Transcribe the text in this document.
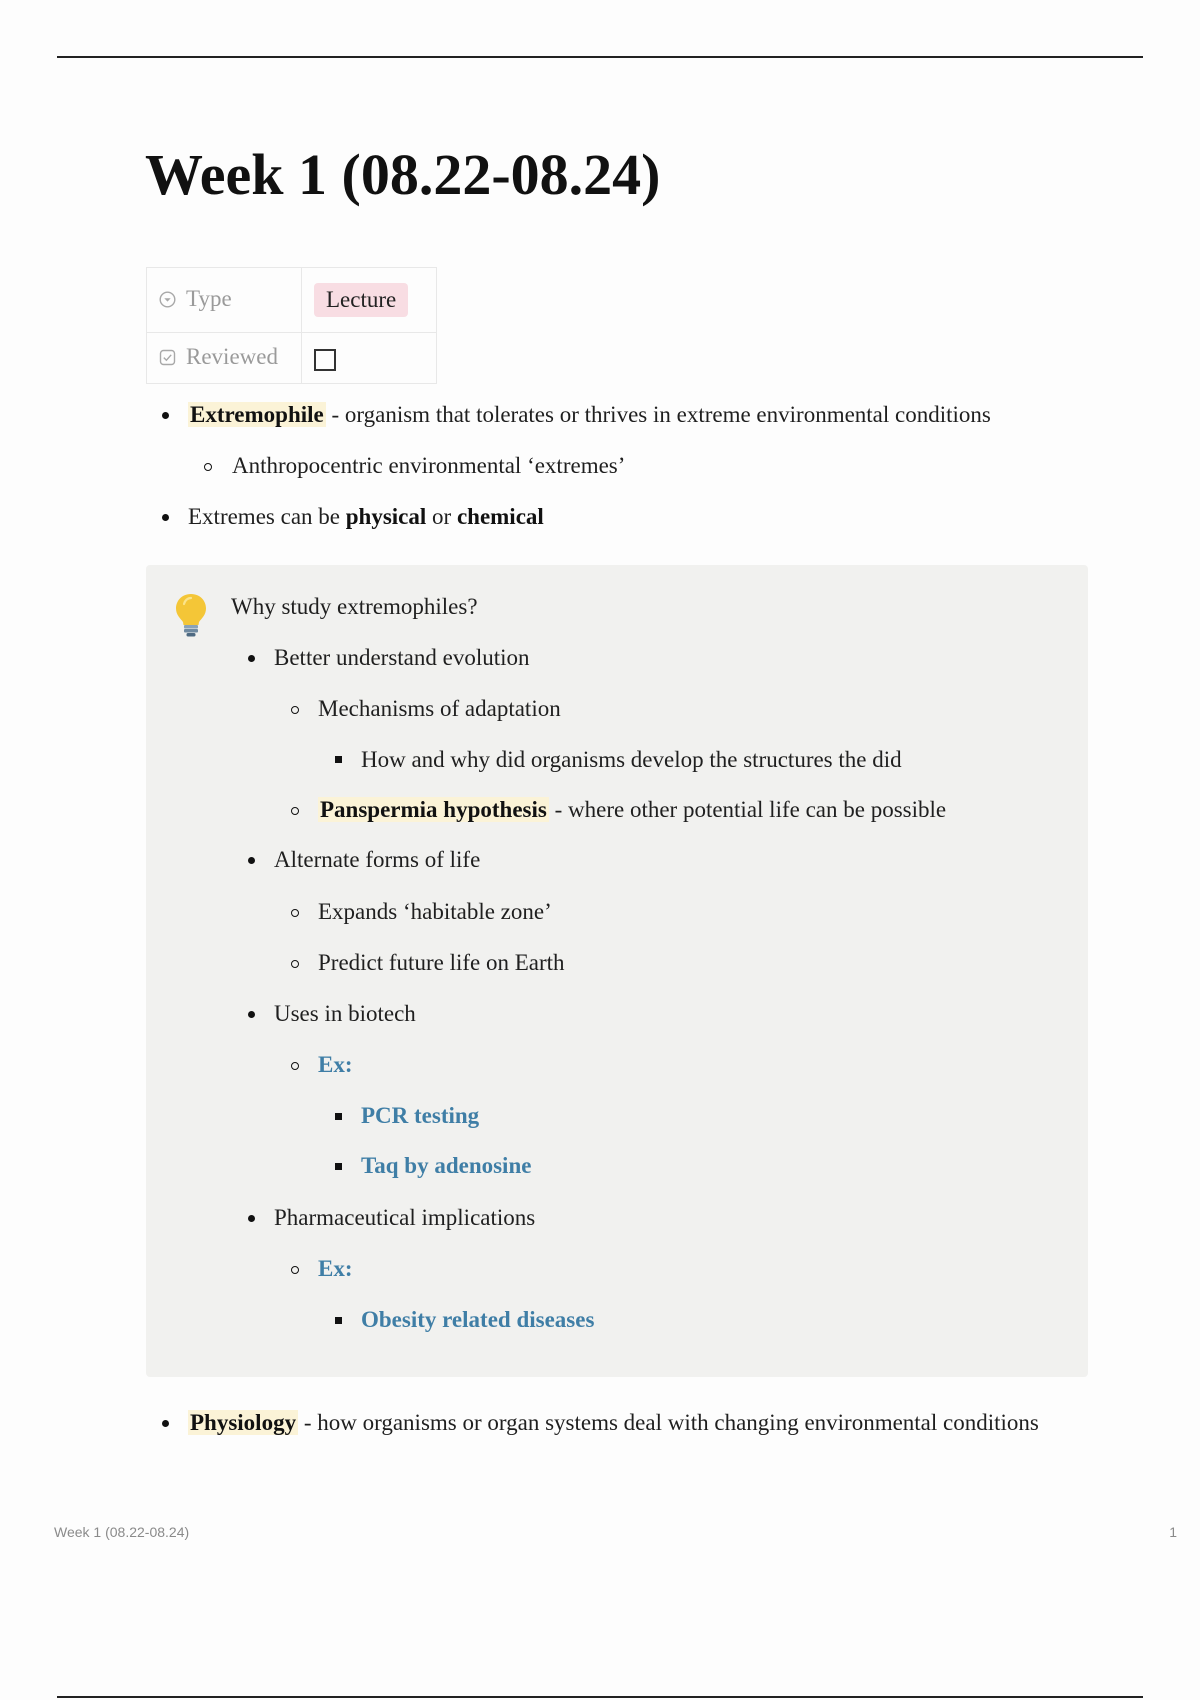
Week 1 (08.22-08.24)
Type	Lecture
Reviewed	
Extremophile - organism that tolerates or thrives in extreme environmental conditions
Anthropocentric environmental ‘extremes’
Extremes can be physical or chemical
Why study extremophiles?
Better understand evolution
Mechanisms of adaptation
How and why did organisms develop the structures the did
Panspermia hypothesis - where other potential life can be possible
Alternate forms of life
Expands ‘habitable zone’
Predict future life on Earth
Uses in biotech
Ex:
PCR testing
Taq by adenosine
Pharmaceutical implications
Ex:
Obesity related diseases
Physiology - how organisms or organ systems deal with changing environmental conditions
Week 1 (08.22-08.24)	1
